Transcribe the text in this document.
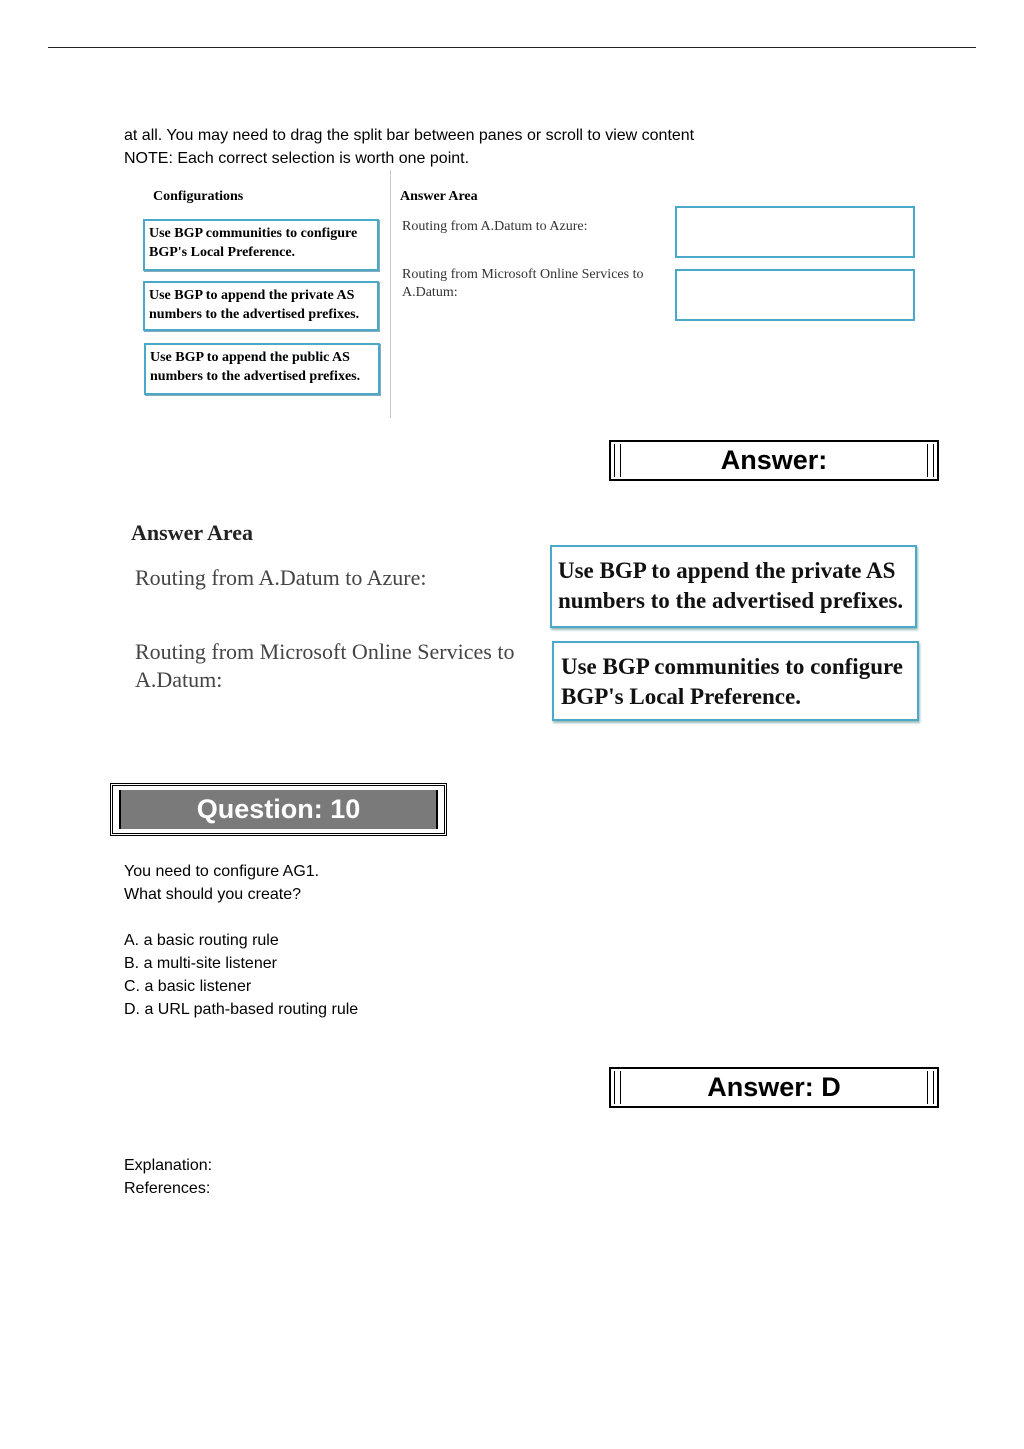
at all. You may need to drag the split bar between panes or scroll to view content
NOTE: Each correct selection is worth one point.
Configurations
Use BGP communities to configure
BGP's Local Preference.
Use BGP to append the private AS
numbers to the advertised prefixes.
Use BGP to append the public AS
numbers to the advertised prefixes.
Answer Area
Routing from A.Datum to Azure:
Routing from Microsoft Online Services to
A.Datum:
Answer:
Answer Area
Routing from A.Datum to Azure:
Routing from Microsoft Online Services to
A.Datum:
Use BGP to append the private AS
numbers to the advertised prefixes.
Use BGP communities to configure
BGP's Local Preference.
Question: 10
You need to configure AG1.
What should you create?
A. a basic routing rule
B. a multi-site listener
C. a basic listener
D. a URL path-based routing rule
Answer: D
Explanation:
References:
